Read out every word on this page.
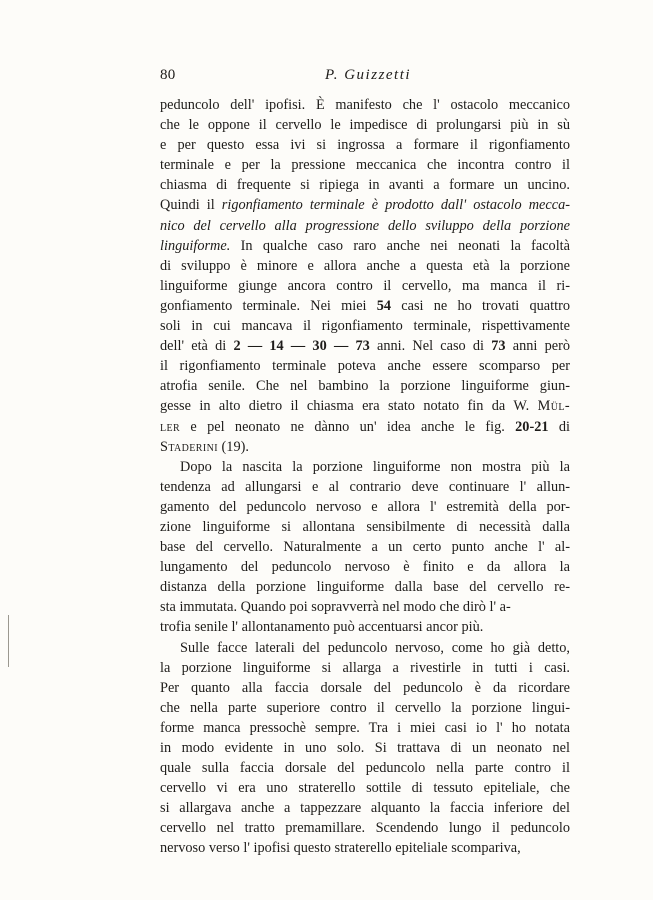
80	P. Guizzetti
peduncolo dell' ipofisi. È manifesto che l' ostacolo meccanico
che le oppone il cervello le impedisce di prolungarsi più in sù
e per questo essa ivi si ingrossa a formare il rigonfiamento
terminale e per la pressione meccanica che incontra contro il
chiasma di frequente si ripiega in avanti a formare un uncino.
Quindi il rigonfiamento terminale è prodotto dall' ostacolo mecca-
nico del cervello alla progressione dello sviluppo della porzione
linguiforme. In qualche caso raro anche nei neonati la facoltà
di sviluppo è minore e allora anche a questa età la porzione
linguiforme giunge ancora contro il cervello, ma manca il ri-
gonfiamento terminale. Nei miei 54 casi ne ho trovati quattro
soli in cui mancava il rigonfiamento terminale, rispettivamente
dell' età di 2 — 14 — 30 — 73 anni. Nel caso di 73 anni però
il rigonfiamento terminale poteva anche essere scomparso per
atrofia senile. Che nel bambino la porzione linguiforme giun-
gesse in alto dietro il chiasma era stato notato fin da W. Mül-
ler e pel neonato ne dànno un' idea anche le fig. 20-21 di
Staderini (19).
Dopo la nascita la porzione linguiforme non mostra più la
tendenza ad allungarsi e al contrario deve continuare l' allun-
gamento del peduncolo nervoso e allora l' estremità della por-
zione linguiforme si allontana sensibilmente di necessità dalla
base del cervello. Naturalmente a un certo punto anche l' al-
lungamento del peduncolo nervoso è finito e da allora la
distanza della porzione linguiforme dalla base del cervello re-
sta immutata. Quando poi sopravverrà nel modo che dirò l' a-
trofia senile l' allontanamento può accentuarsi ancor più.
Sulle facce laterali del peduncolo nervoso, come ho già detto,
la porzione linguiforme si allarga a rivestirle in tutti i casi.
Per quanto alla faccia dorsale del peduncolo è da ricordare
che nella parte superiore contro il cervello la porzione lingui-
forme manca pressochè sempre. Tra i miei casi io l' ho notata
in modo evidente in uno solo. Si trattava di un neonato nel
quale sulla faccia dorsale del peduncolo nella parte contro il
cervello vi era uno straterello sottile di tessuto epiteliale, che
si allargava anche a tappezzare alquanto la faccia inferiore del
cervello nel tratto premamillare. Scendendo lungo il peduncolo
nervoso verso l' ipofisi questo straterello epiteliale scompariva,
